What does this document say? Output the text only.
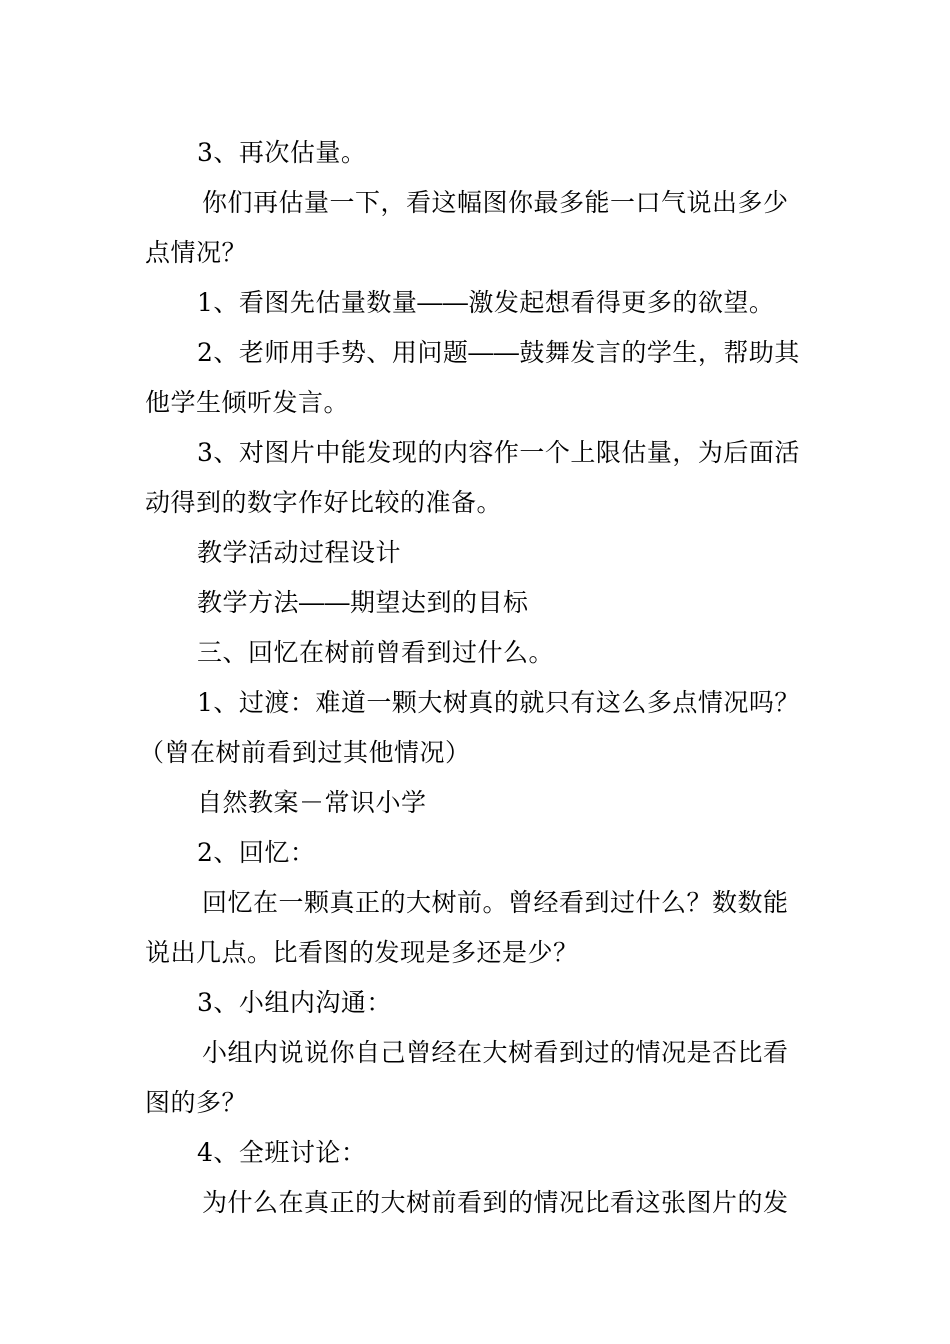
3、再次估量。

你们再估量一下，看这幅图你最多能一口气说出多少点情况？

1、看图先估量数量――激发起想看得更多的欲望。

2、老师用手势、用问题――鼓舞发言的学生，帮助其他学生倾听发言。

3、对图片中能发现的内容作一个上限估量，为后面活动得到的数字作好比较的准备。

教学活动过程设计

教学方法――期望达到的目标

三、回忆在树前曾看到过什么。

1、过渡：难道一颗大树真的就只有这么多点情况吗？

（曾在树前看到过其他情况）

自然教案－常识小学

2、回忆：

回忆在一颗真正的大树前。曾经看到过什么？数数能说出几点。比看图的发现是多还是少？

3、小组内沟通：

小组内说说你自己曾经在大树看到过的情况是否比看图的多？

4、全班讨论：

为什么在真正的大树前看到的情况比看这张图片的发
